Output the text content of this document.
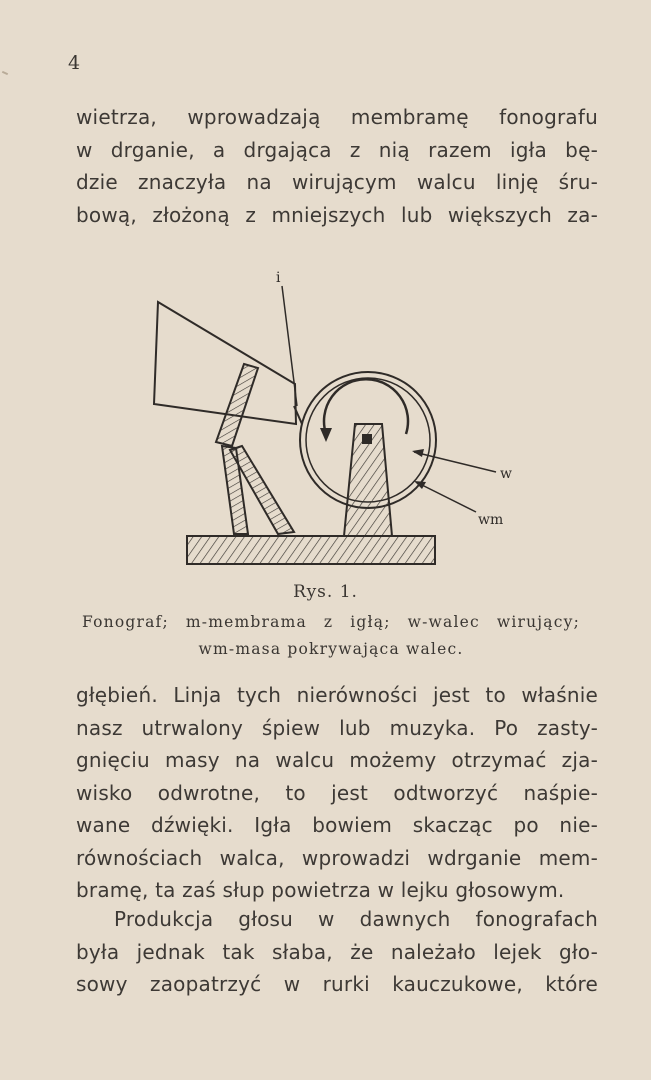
4

wietrza, wprowadzają membramę fonografu
w drganie, a drgająca z nią razem igła bę-
dzie znaczyła na wirującym walcu linję śru-
bową, złożoną z mniejszych lub większych za-

i
w
wm
Rys. 1.
Fonograf; m-membrama z igłą; w-walec wirujący;
wm-masa pokrywająca walec.

głębień. Linja tych nierówności jest to właśnie
nasz utrwalony śpiew lub muzyka. Po zasty-
gnięciu masy na walcu możemy otrzymać zja-
wisko odwrotne, to jest odtworzyć naśpie-
wane dźwięki. Igła bowiem skacząc po nie-
równościach walca, wprowadzi wdrganie mem-
bramę, ta zaś słup powietrza w lejku głosowym.

Produkcja głosu w dawnych fonografach
była jednak tak słaba, że należało lejek gło-
sowy zaopatrzyć w rurki kauczukowe, które
